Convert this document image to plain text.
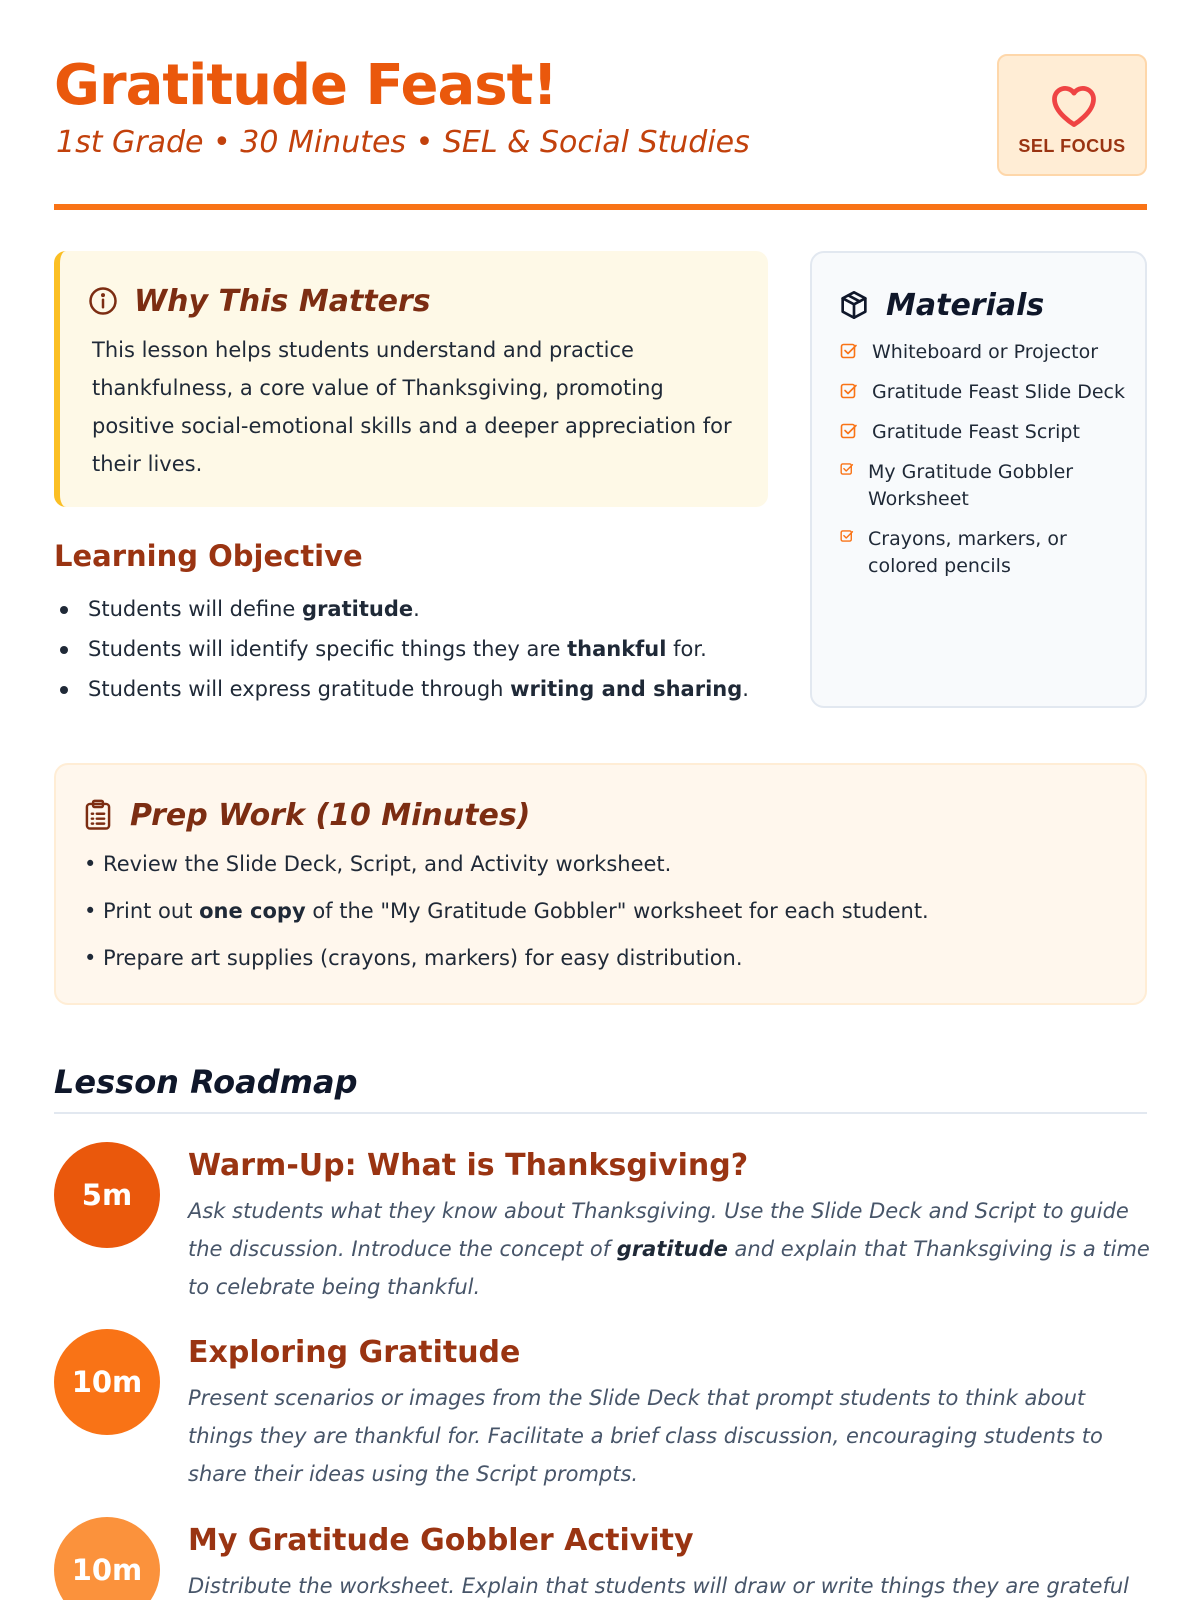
Gratitude Feast!
1st Grade • 30 Minutes • SEL & Social Studies	SEL FOCUS
Why This Matters

This lesson helps students understand and practice thankfulness, a core value of Thanksgiving, promoting positive social-emotional skills and a deeper appreciation for their lives.

Learning Objective
Students will define gratitude.
Students will identify specific things they are thankful for.
Students will express gratitude through writing and sharing.
Materials
Whiteboard or Projector
Gratitude Feast Slide Deck
Gratitude Feast Script
My Gratitude Gobbler Worksheet
Crayons, markers, or colored pencils
Prep Work (10 Minutes)
• Review the Slide Deck, Script, and Activity worksheet.
• Print out one copy of the "My Gratitude Gobbler" worksheet for each student.
• Prepare art supplies (crayons, markers) for easy distribution.
Lesson Roadmap
5m
Warm-Up: What is Thanksgiving?

Ask students what they know about Thanksgiving. Use the Slide Deck and Script to guide the discussion. Introduce the concept of gratitude and explain that Thanksgiving is a time to celebrate being thankful.

10m
Exploring Gratitude

Present scenarios or images from the Slide Deck that prompt students to think about things they are thankful for. Facilitate a brief class discussion, encouraging students to share their ideas using the Script prompts.

10m
My Gratitude Gobbler Activity

Distribute the worksheet. Explain that students will draw or write things they are grateful
